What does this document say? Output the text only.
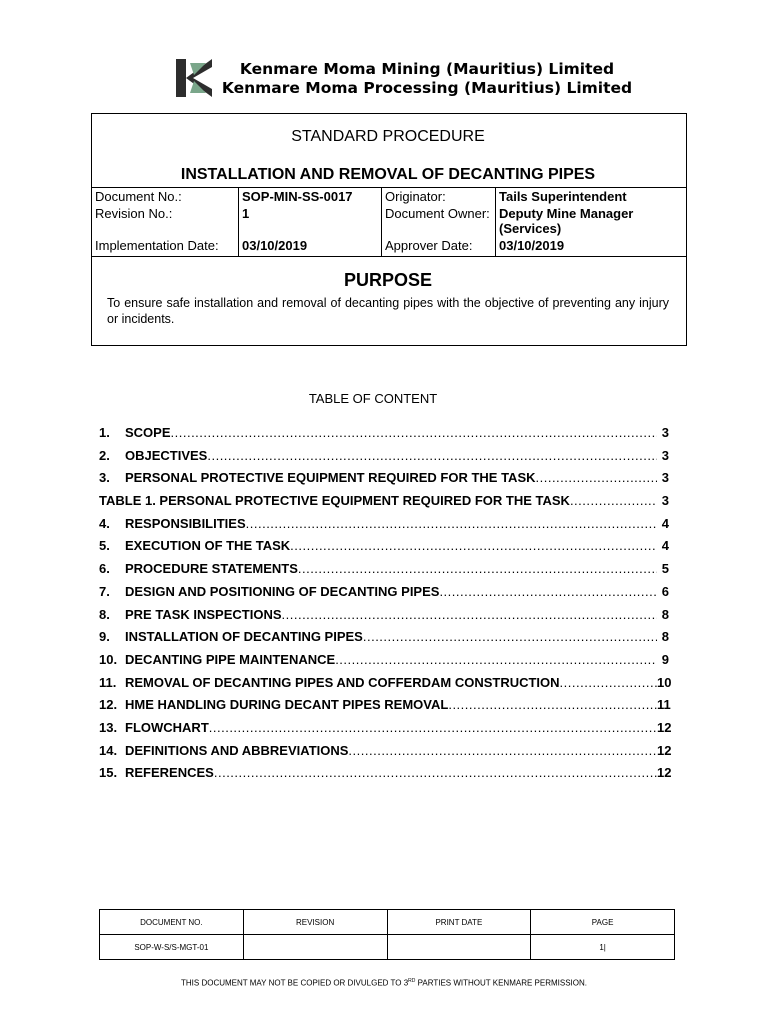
Kenmare Moma Mining (Mauritius) Limited
Kenmare Moma Processing (Mauritius) Limited
STANDARD PROCEDURE
INSTALLATION AND REMOVAL OF DECANTING PIPES
Document No.:	SOP-MIN-SS-0017	Originator:	Tails Superintendent
Revision No.:	1	Document Owner:	Deputy Mine Manager (Services)
Implementation Date:	03/10/2019	Approver Date:	03/10/2019
PURPOSE
To ensure safe installation and removal of decanting pipes with the objective of preventing any injury or incidents.
TABLE OF CONTENT
1.	SCOPE .....	3
2.	OBJECTIVES .....	3
3.	PERSONAL PROTECTIVE EQUIPMENT REQUIRED FOR THE TASK .....	3
TABLE 1. PERSONAL PROTECTIVE EQUIPMENT REQUIRED FOR THE TASK .....	3
4.	RESPONSIBILITIES .....	4
5.	EXECUTION OF THE TASK .....	4
6.	PROCEDURE STATEMENTS .....	5
7.	DESIGN AND POSITIONING OF DECANTING PIPES .....	6
8.	PRE TASK INSPECTIONS .....	8
9.	INSTALLATION OF DECANTING PIPES .....	8
10. DECANTING PIPE MAINTENANCE .....	9
11. REMOVAL OF DECANTING PIPES AND COFFERDAM CONSTRUCTION .....	10
12. HME HANDLING DURING DECANT PIPES REMOVAL .....	11
13. FLOWCHART .....	12
14. DEFINITIONS AND ABBREVIATIONS .....	12
15. REFERENCES .....	12
DOCUMENT NO.	REVISION	PRINT DATE	PAGE
SOP-W-S/S-MGT-01			1|
THIS DOCUMENT MAY NOT BE COPIED OR DIVULGED TO 3RD PARTIES WITHOUT KENMARE PERMISSION.
